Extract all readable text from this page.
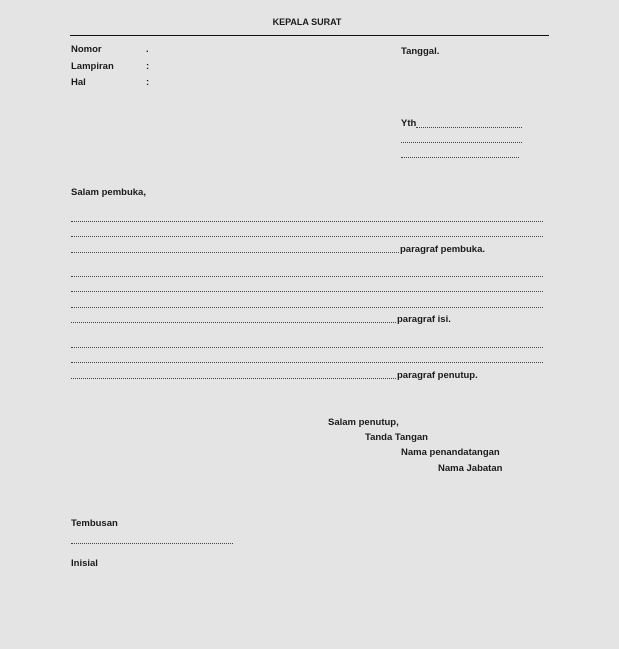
KEPALA SURAT
Nomor	.
Lampiran	:
Hal	:
Tanggal.
Yth
Salam pembuka,
paragraf pembuka.
paragraf isi.
paragraf penutup.
Salam penutup,
Tanda Tangan
Nama penandatangan
Nama Jabatan
Tembusan
Inisial
